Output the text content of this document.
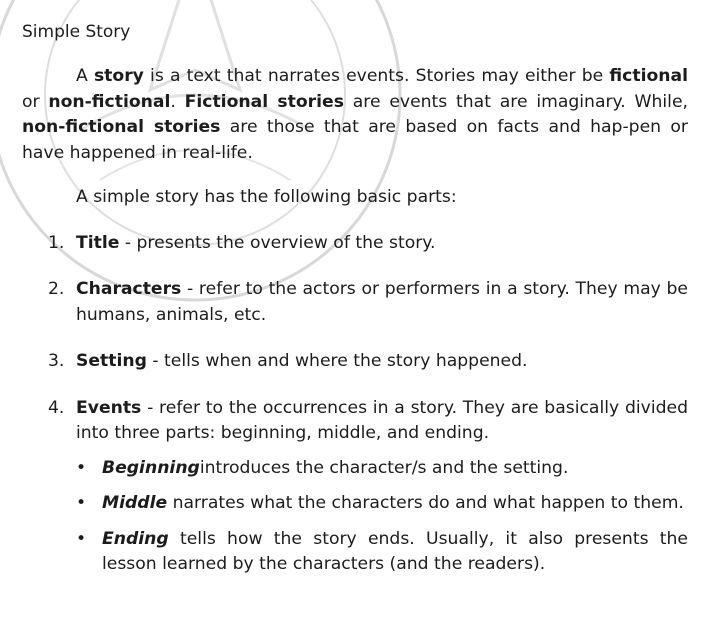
Simple Story

A story is a text that narrates events. Stories may either be fictional or non-fictional. Fictional stories are events that are imaginary. While, non-fictional stories are those that are based on facts and hap-pen or have happened in real-life.

A simple story has the following basic parts:

1. Title - presents the overview of the story.
2. Characters - refer to the actors or performers in a story. They may be humans, animals, etc.
3. Setting - tells when and where the story happened.
4. Events - refer to the occurrences in a story. They are basically divided into three parts: beginning, middle, and ending.
• Beginningintroduces the character/s and the setting.
• Middle narrates what the characters do and what happen to them.
• Ending tells how the story ends. Usually, it also presents the lesson learned by the characters (and the readers).
